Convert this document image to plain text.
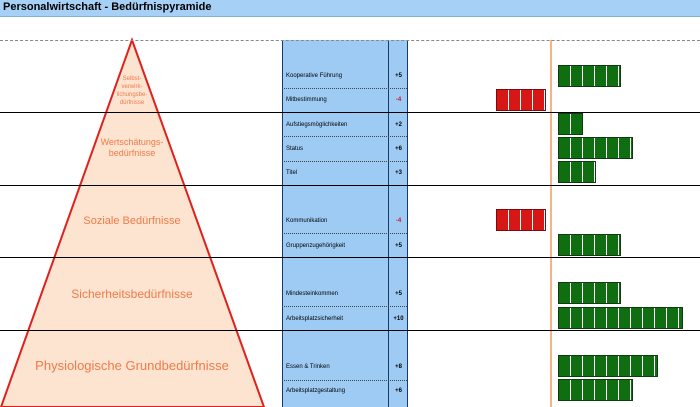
Personalwirtschaft - Bedürfnispyramide
Selbst-
verwirk-
lichungsbe-
dürfnisse
Wertschätungs-
bedürfnisse
Soziale Bedürfnisse
Sicherheitsbedürfnisse
Physiologische Grundbedürfnisse
Kooperative Führung	+5
Mitbestimmung	-4
Aufstiegsmöglichkeiten	+2
Status	+6
Titel	+3
Kommunikation	-4
Gruppenzugehörigkeit	+5
Mindesteinkommen	+5
Arbeitsplatzsicherheit	+10
Essen & Trinken	+8
Arbeitsplatzgestaltung	+6
